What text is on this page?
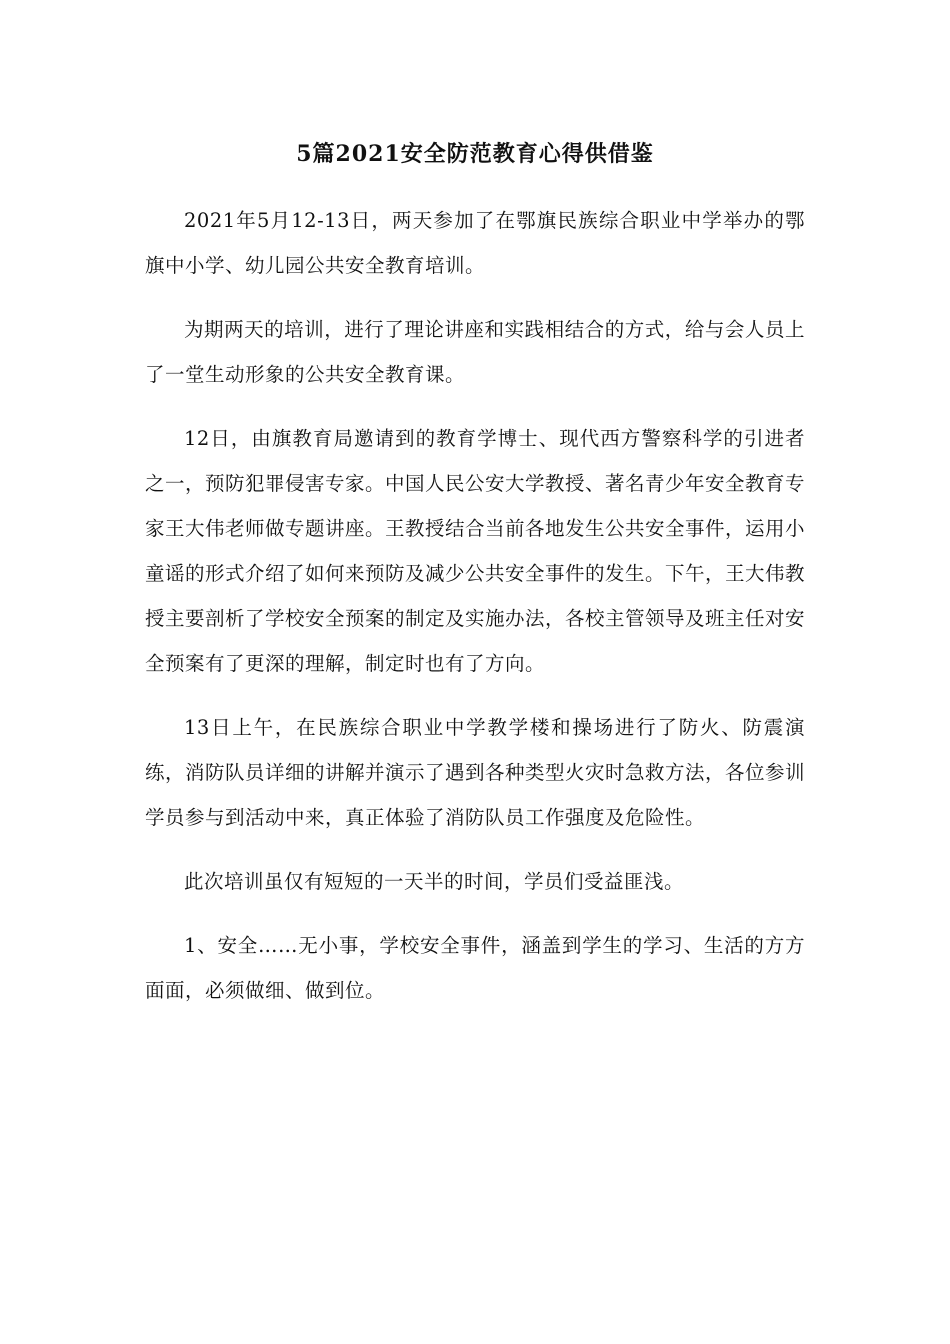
5篇2021安全防范教育心得供借鉴

2021年5月12-13日，两天参加了在鄂旗民族综合职业中学举办的鄂旗中小学、幼儿园公共安全教育培训。

为期两天的培训，进行了理论讲座和实践相结合的方式，给与会人员上了一堂生动形象的公共安全教育课。

12日，由旗教育局邀请到的教育学博士、现代西方警察科学的引进者之一，预防犯罪侵害专家。中国人民公安大学教授、著名青少年安全教育专家王大伟老师做专题讲座。王教授结合当前各地发生公共安全事件，运用小童谣的形式介绍了如何来预防及减少公共安全事件的发生。下午，王大伟教授主要剖析了学校安全预案的制定及实施办法，各校主管领导及班主任对安全预案有了更深的理解，制定时也有了方向。

13日上午，在民族综合职业中学教学楼和操场进行了防火、防震演练，消防队员详细的讲解并演示了遇到各种类型火灾时急救方法，各位参训学员参与到活动中来，真正体验了消防队员工作强度及危险性。

此次培训虽仅有短短的一天半的时间，学员们受益匪浅。

1、安全……无小事，学校安全事件，涵盖到学生的学习、生活的方方面面，必须做细、做到位。
